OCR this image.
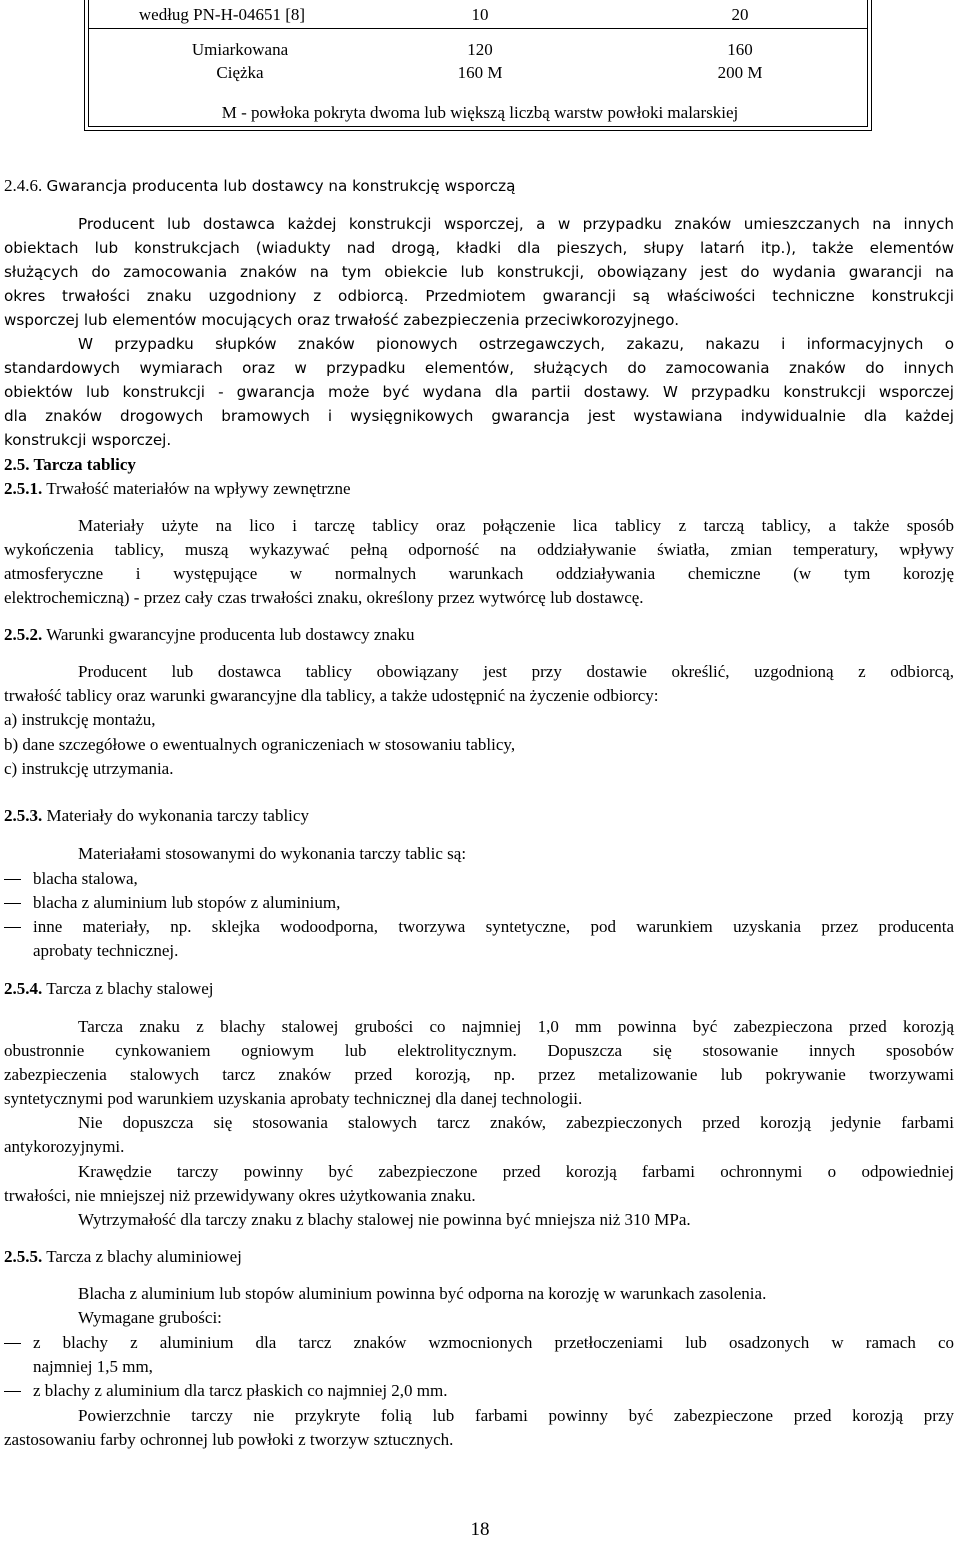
według PN-H-04651 [8]	10	20
Umiarkowana
Ciężka
120
160 M
160
200 M
M - powłoka pokryta dwoma lub większą liczbą warstw powłoki malarskiej
2.4.6. Gwarancja producenta lub dostawcy na konstrukcję wsporczą
Producent lub dostawca każdej konstrukcji wsporczej, a w przypadku znaków umieszczanych na innych
obiektach lub konstrukcjach (wiadukty nad drogą, kładki dla pieszych, słupy latarń itp.), także elementów
służących do zamocowania znaków na tym obiekcie lub konstrukcji, obowiązany jest do wydania gwarancji na
okres trwałości znaku uzgodniony z odbiorcą. Przedmiotem gwarancji są właściwości techniczne konstrukcji
wsporczej lub elementów mocujących oraz trwałość zabezpieczenia przeciwkorozyjnego.
W przypadku słupków znaków pionowych ostrzegawczych, zakazu, nakazu i informacyjnych o
standardowych wymiarach oraz w przypadku elementów, służących do zamocowania znaków do innych
obiektów lub konstrukcji - gwarancja może być wydana dla partii dostawy. W przypadku konstrukcji wsporczej
dla znaków drogowych bramowych i wysięgnikowych gwarancja jest wystawiana indywidualnie dla każdej
konstrukcji wsporczej.
2.5. Tarcza tablicy
2.5.1. Trwałość materiałów na wpływy zewnętrzne
Materiały użyte na lico i tarczę tablicy oraz połączenie lica tablicy z tarczą tablicy, a także sposób
wykończenia tablicy, muszą wykazywać pełną odporność na oddziaływanie światła, zmian temperatury, wpływy
atmosferyczne i występujące w normalnych warunkach oddziaływania chemiczne (w tym korozję
elektrochemiczną) - przez cały czas trwałości znaku, określony przez wytwórcę lub dostawcę.
2.5.2. Warunki gwarancyjne producenta lub dostawcy znaku
Producent lub dostawca tablicy obowiązany jest przy dostawie określić, uzgodnioną z odbiorcą,
trwałość tablicy oraz warunki gwarancyjne dla tablicy, a także udostępnić na życzenie odbiorcy:
a) instrukcję montażu,
b) dane szczegółowe o ewentualnych ograniczeniach w stosowaniu tablicy,
c) instrukcję utrzymania.
2.5.3. Materiały do wykonania tarczy tablicy
Materiałami stosowanymi do wykonania tarczy tablic są:
blacha stalowa,
blacha z aluminium lub stopów z aluminium,
inne materiały, np. sklejka wodoodporna, tworzywa syntetyczne, pod warunkiem uzyskania przez producenta
aprobaty technicznej.
2.5.4. Tarcza z blachy stalowej
Tarcza znaku z blachy stalowej grubości co najmniej 1,0 mm powinna być zabezpieczona przed korozją
obustronnie cynkowaniem ogniowym lub elektrolitycznym. Dopuszcza się stosowanie innych sposobów
zabezpieczenia stalowych tarcz znaków przed korozją, np. przez metalizowanie lub pokrywanie tworzywami
syntetycznymi pod warunkiem uzyskania aprobaty technicznej dla danej technologii.
Nie dopuszcza się stosowania stalowych tarcz znaków, zabezpieczonych przed korozją jedynie farbami
antykorozyjnymi.
Krawędzie tarczy powinny być zabezpieczone przed korozją farbami ochronnymi o odpowiedniej
trwałości, nie mniejszej niż przewidywany okres użytkowania znaku.
Wytrzymałość dla tarczy znaku z blachy stalowej nie powinna być mniejsza niż 310 MPa.
2.5.5. Tarcza z blachy aluminiowej
Blacha z aluminium lub stopów aluminium powinna być odporna na korozję w warunkach zasolenia.
Wymagane grubości:
z blachy z aluminium dla tarcz znaków wzmocnionych przetłoczeniami lub osadzonych w ramach co
najmniej 1,5 mm,
z blachy z aluminium dla tarcz płaskich co najmniej 2,0 mm.
Powierzchnie tarczy nie przykryte folią lub farbami powinny być zabezpieczone przed korozją przy
zastosowaniu farby ochronnej lub powłoki z tworzyw sztucznych.
18
